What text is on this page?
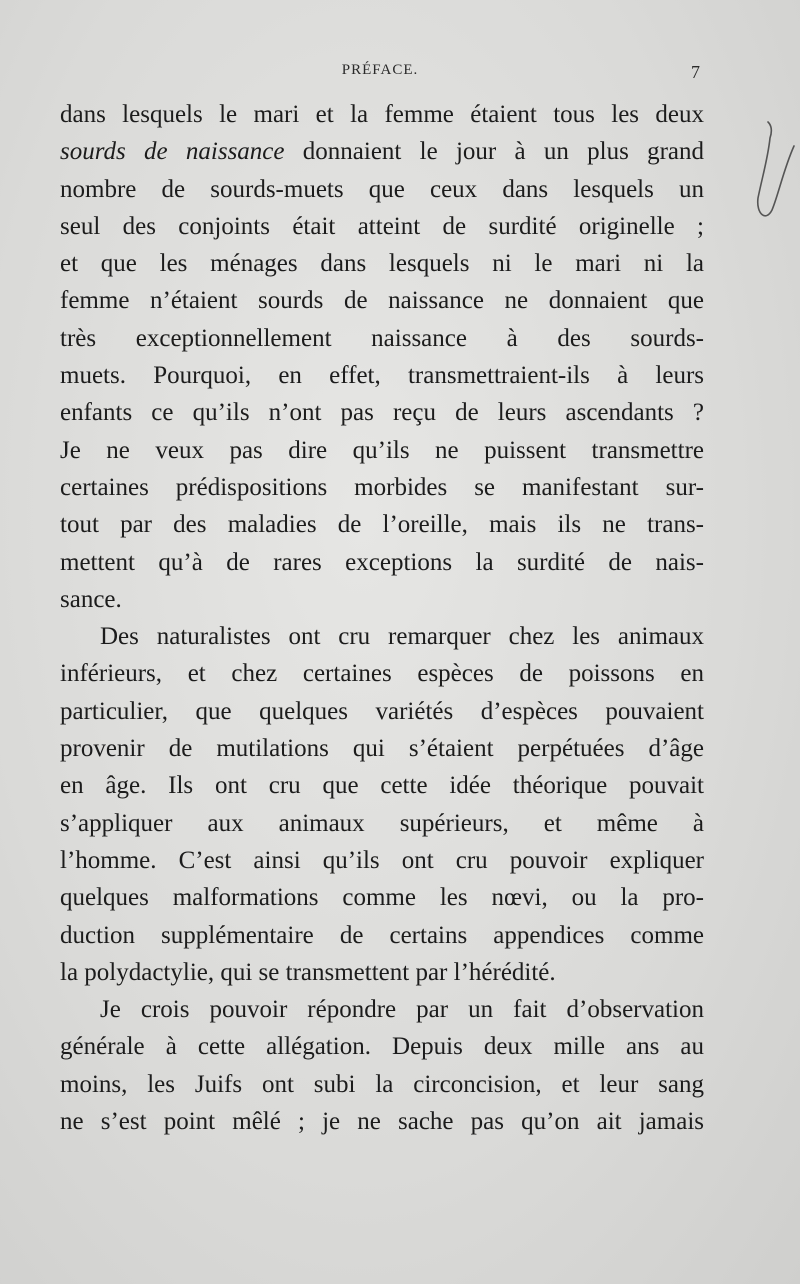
PRÉFACE.	7
dans lesquels le mari et la femme étaient tous les deux
sourds de naissance donnaient le jour à un plus grand
nombre de sourds-muets que ceux dans lesquels un
seul des conjoints était atteint de surdité originelle ;
et que les ménages dans lesquels ni le mari ni la
femme n’étaient sourds de naissance ne donnaient que
très exceptionnellement naissance à des sourds-
muets. Pourquoi, en effet, transmettraient-ils à leurs
enfants ce qu’ils n’ont pas reçu de leurs ascendants ?
Je ne veux pas dire qu’ils ne puissent transmettre
certaines prédispositions morbides se manifestant sur-
tout par des maladies de l’oreille, mais ils ne trans-
mettent qu’à de rares exceptions la surdité de nais-
sance.
Des naturalistes ont cru remarquer chez les animaux
inférieurs, et chez certaines espèces de poissons en
particulier, que quelques variétés d’espèces pouvaient
provenir de mutilations qui s’étaient perpétuées d’âge
en âge. Ils ont cru que cette idée théorique pouvait
s’appliquer aux animaux supérieurs, et même à
l’homme. C’est ainsi qu’ils ont cru pouvoir expliquer
quelques malformations comme les nœvi, ou la pro-
duction supplémentaire de certains appendices comme
la polydactylie, qui se transmettent par l’hérédité.
Je crois pouvoir répondre par un fait d’observation
générale à cette allégation. Depuis deux mille ans au
moins, les Juifs ont subi la circoncision, et leur sang
ne s’est point mêlé ; je ne sache pas qu’on ait jamais
